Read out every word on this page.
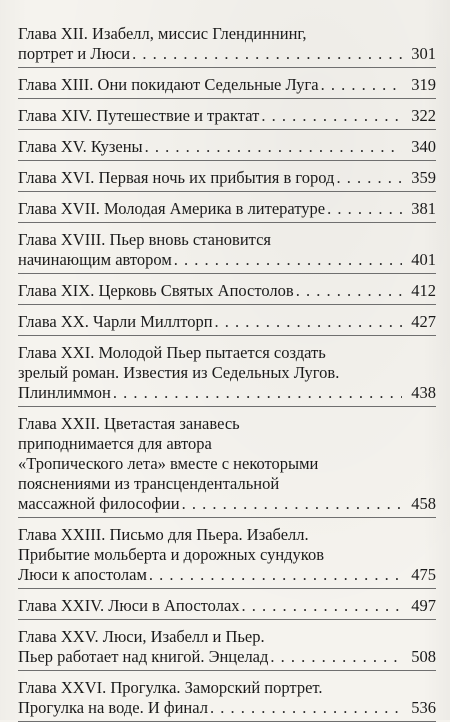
Глава XII. Изабелл, миссис Глендиннинг,
портрет и Люси . . .	301
Глава XIII. Они покидают Седельные Луга . . .	319
Глава XIV. Путешествие и трактат . . .	322
Глава XV. Кузены . . .	340
Глава XVI. Первая ночь их прибытия в город . . .	359
Глава XVII. Молодая Америка в литературе . . .	381
Глава XVIII. Пьер вновь становится
начинающим автором . . .	401
Глава XIX. Церковь Святых Апостолов . . .	412
Глава XX. Чарли Миллторп . . .	427
Глава XXI. Молодой Пьер пытается создать
зрелый роман. Известия из Седельных Лугов.
Плинлиммон . . .	438
Глава XXII. Цветастая занавесь
приподнимается для автора
«Тропического лета» вместе с некоторыми
пояснениями из трансцендентальной
массажной философии . . .	458
Глава XXIII. Письмо для Пьера. Изабелл.
Прибытие мольберта и дорожных сундуков
Люси к апостолам . . .	475
Глава XXIV. Люси в Апостолах . . .	497
Глава XXV. Люси, Изабелл и Пьер.
Пьер работает над книгой. Энцелад . . .	508
Глава XXVI. Прогулка. Заморский портрет.
Прогулка на воде. И финал . . .	536
